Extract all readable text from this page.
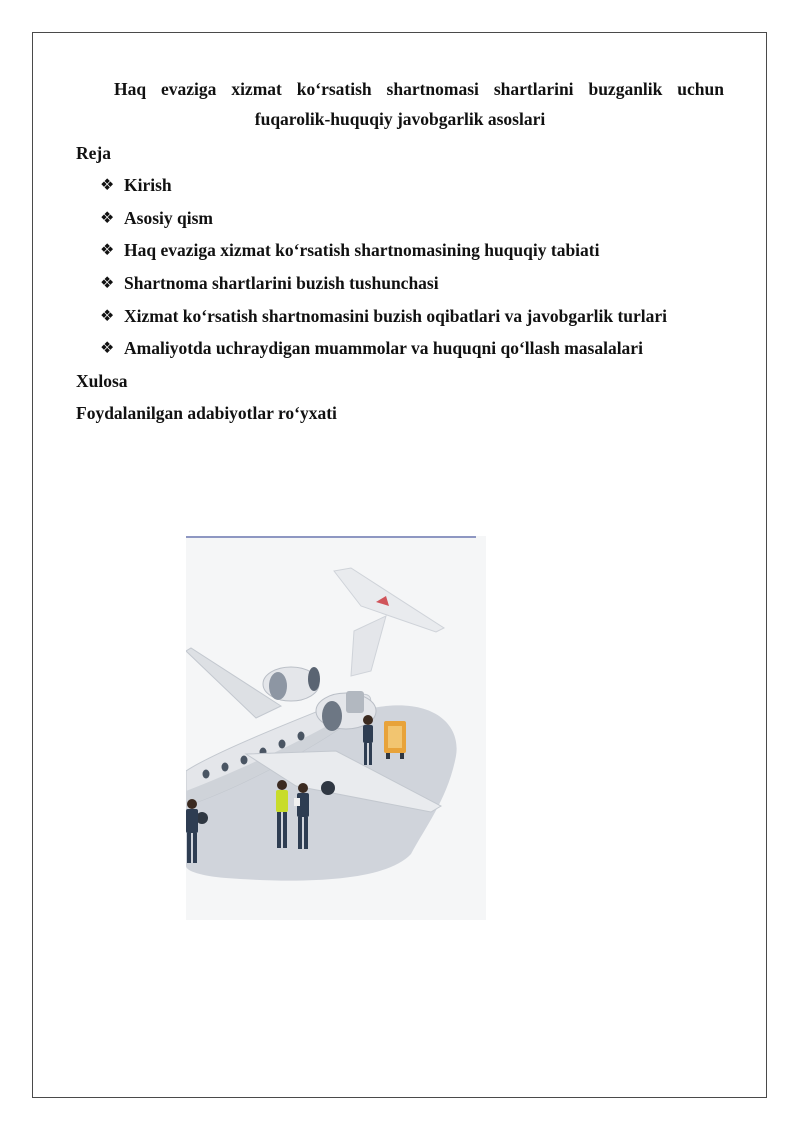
Haq evaziga xizmat ko‘rsatish shartnomasi shartlarini buzganlik uchun
fuqarolik-huquqiy javobgarlik asoslari
Reja
❖ Kirish
❖ Asosiy qism
❖ Haq evaziga xizmat ko‘rsatish shartnomasining huquqiy tabiati
❖ Shartnoma shartlarini buzish tushunchasi
❖ Xizmat ko‘rsatish shartnomasini buzish oqibatlari va javobgarlik turlari
❖ Amaliyotda uchraydigan muammolar va huquqni qo‘llash masalalari
Xulosa
Foydalanilgan adabiyotlar ro‘yxati
